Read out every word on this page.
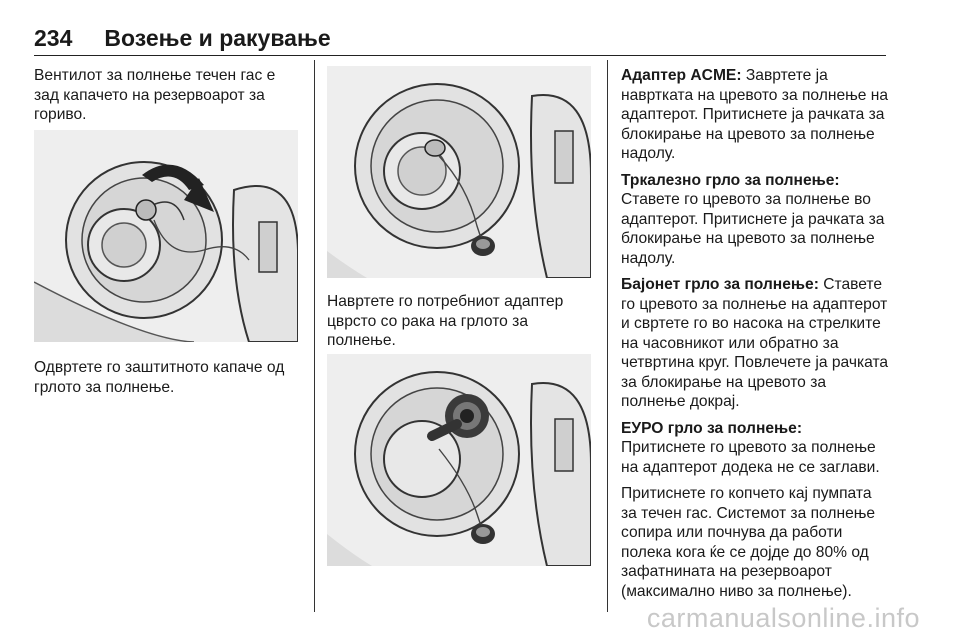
234 Возење и ракување

Вентилот за полнење течен гас е зад капачето на резервоарот за гориво.

Одвртете го заштитното капаче од грлото за полнење.

Навртете го потребниот адаптер цврсто со рака на грлото за полнење.

Адаптер ACME: Завртете ја навртката на цревото за полнење на адаптерот. Притиснете ја рачката за блокирање на цревото за полнење надолу.

Тркалезно грло за полнење:
Ставете го цревото за полнење во адаптерот. Притиснете ја рачката за блокирање на цревото за полнење надолу.

Бајонет грло за полнење: Ставете го цревото за полнење на адаптерот и свртете го во насока на стрелките на часовникот или обратно за четвртина круг. Повлечете ја рачката за блокирање на цревото за полнење докрај.

ЕУРО грло за полнење:
Притиснете го цревото за полнење на адаптерот додека не се заглави.

Притиснете го копчето кај пумпата за течен гас. Системот за полнење сопира или почнува да работи полека кога ќе се дојде до 80% од зафатнината на резервоарот (максимално ниво за полнење).

carmanualsonline.info
